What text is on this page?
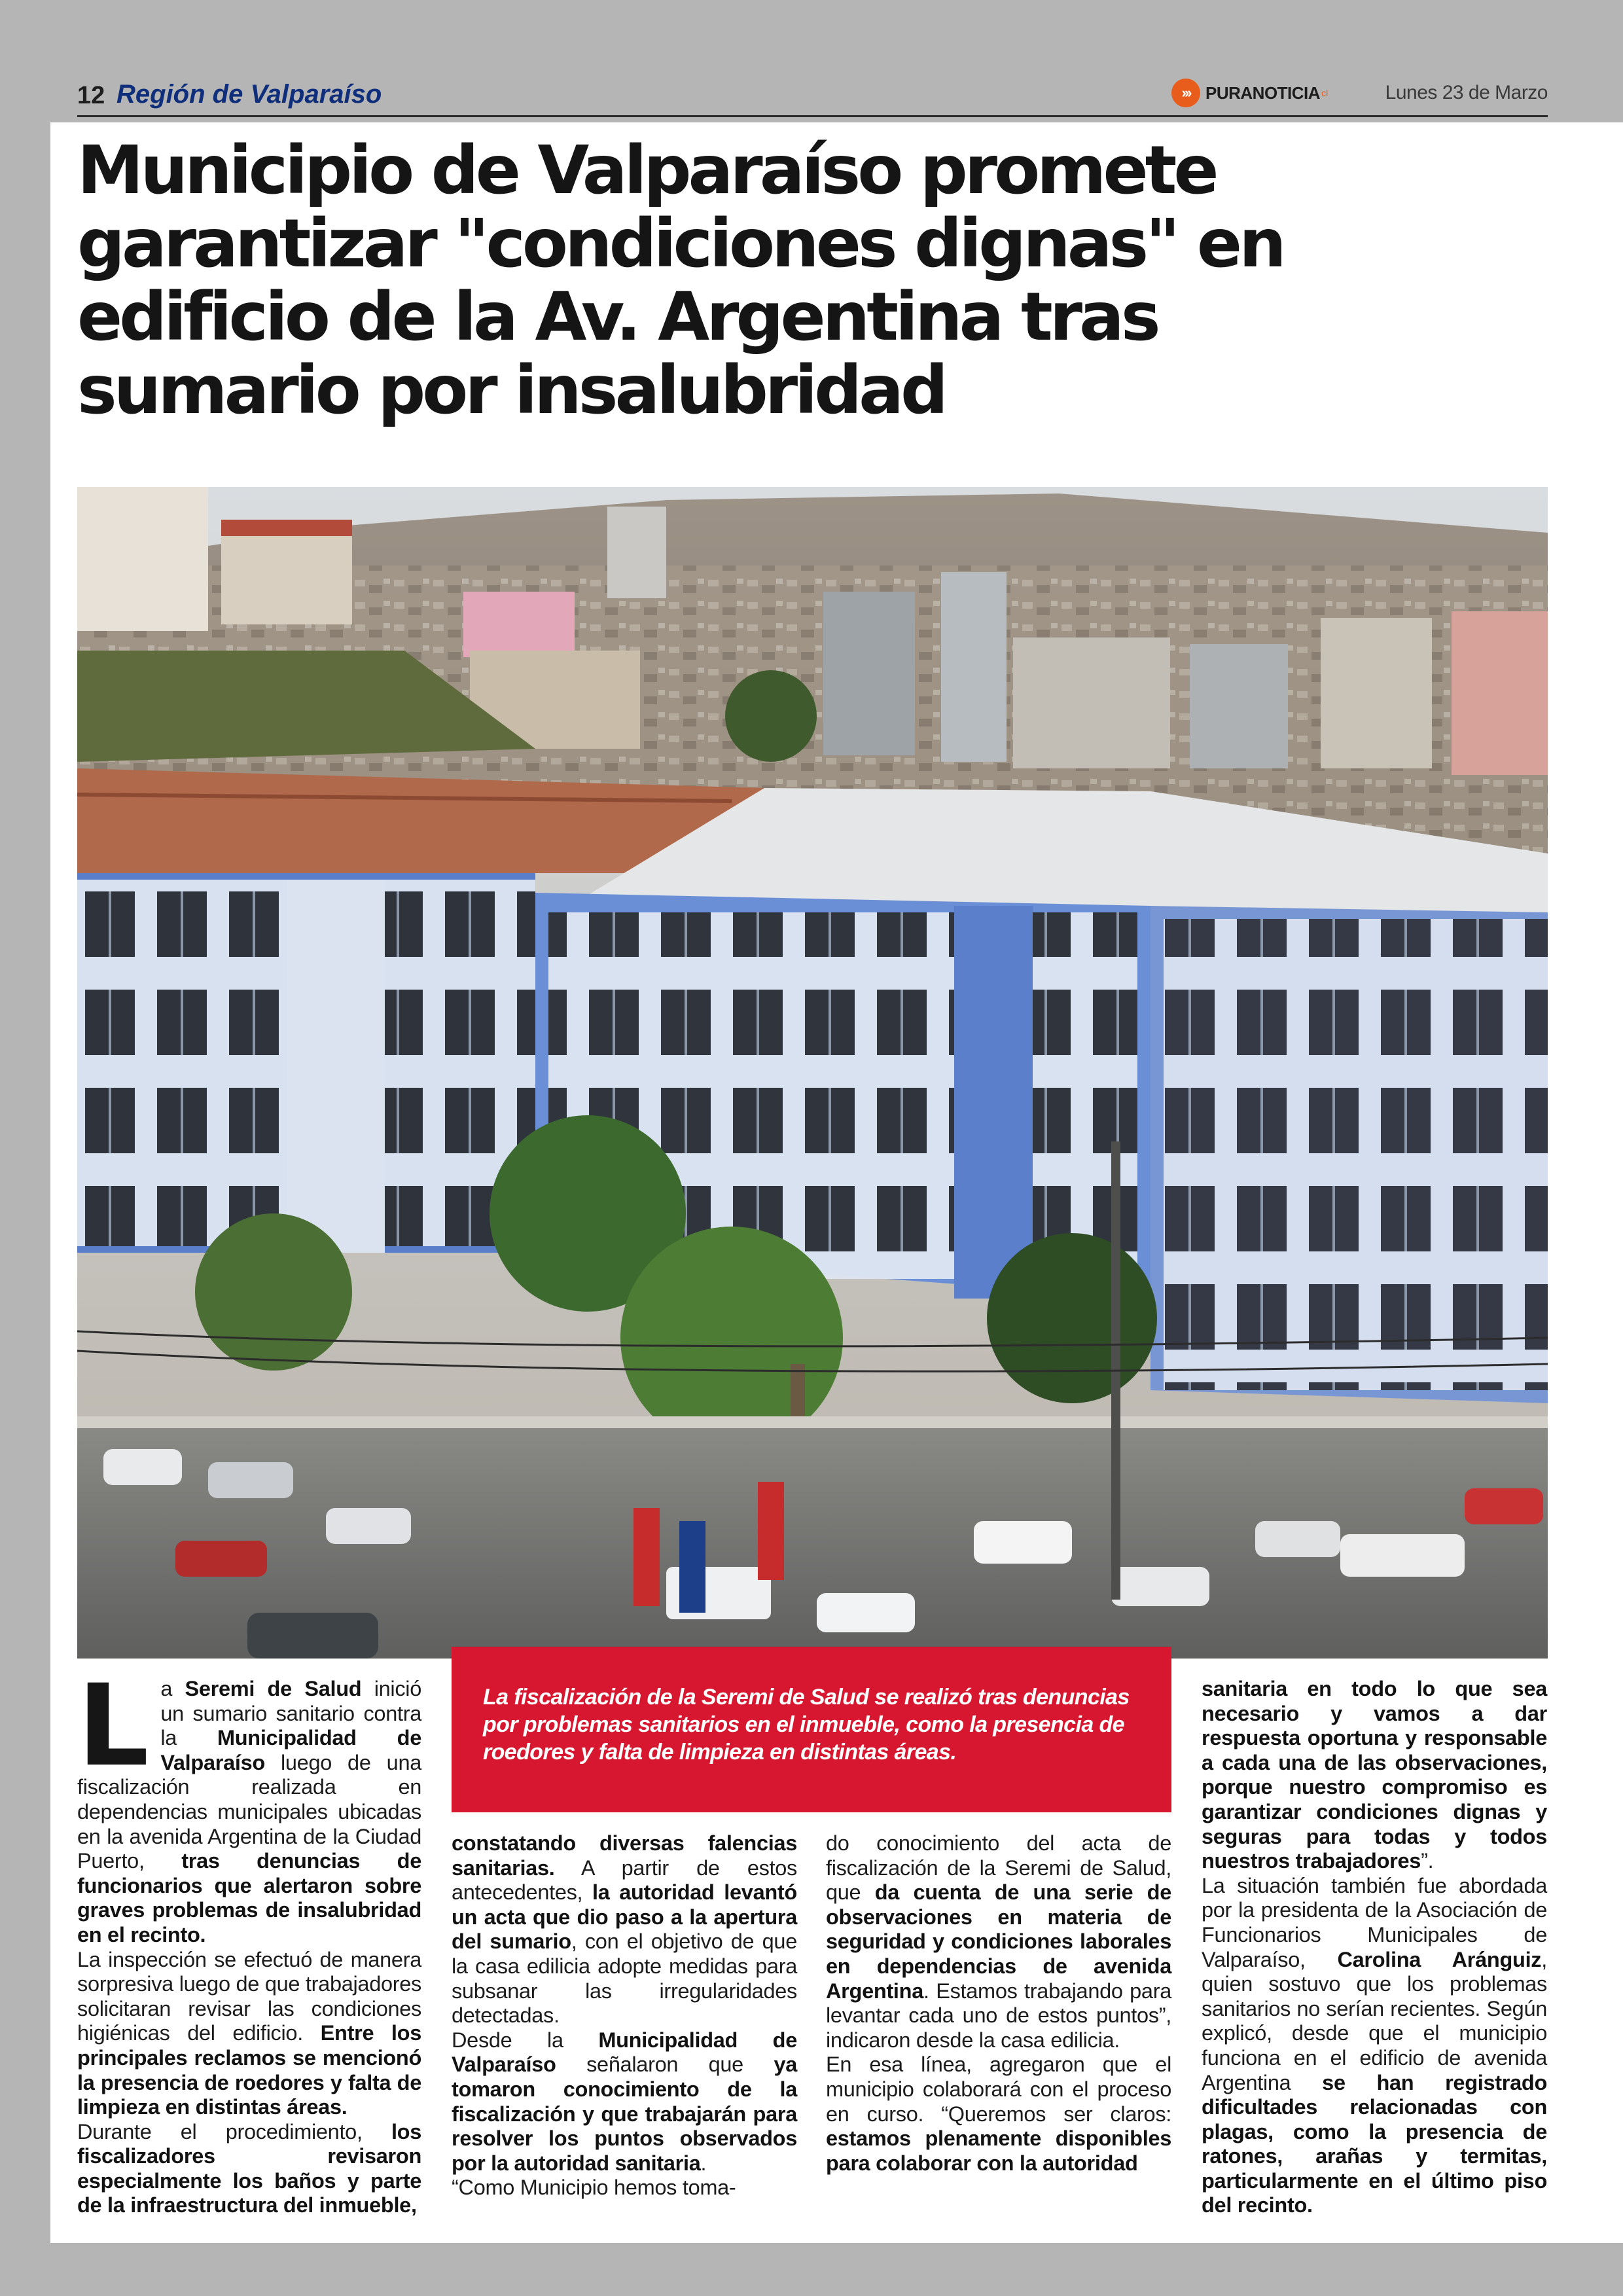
12 Región de Valparaíso	››› PURANOTICIA cl	Lunes 23 de Marzo
Municipio de Valparaíso promete garantizar "condiciones dignas" en edificio de la Av. Argentina tras sumario por insalubridad

La fiscalización de la Seremi de Salud se realizó tras denuncias por problemas sanitarios en el inmueble, como la presencia de roedores y falta de limpieza en distintas áreas.

L a Seremi de Salud inició un sumario sanitario contra la Municipalidad de Valparaíso luego de una fiscalización realizada en dependencias municipales ubicadas en la avenida Argentina de la Ciudad Puerto, tras denuncias de funcionarios que alertaron sobre graves problemas de insalubridad en el recinto.

La inspección se efectuó de manera sorpresiva luego de que trabajadores solicitaran revisar las condiciones higiénicas del edificio. Entre los principales reclamos se mencionó la presencia de roedores y falta de limpieza en distintas áreas.

Durante el procedimiento, los fiscalizadores revisaron especialmente los baños y parte de la infraestructura del inmueble,

constatando diversas falencias sanitarias. A partir de estos antecedentes, la autoridad levantó un acta que dio paso a la apertura del sumario, con el objetivo de que la casa edilicia adopte medidas para subsanar las irregularidades detectadas.

Desde la Municipalidad de Valparaíso señalaron que ya tomaron conocimiento de la fiscalización y que trabajarán para resolver los puntos observados por la autoridad sanitaria.

“Como Municipio hemos toma-

do conocimiento del acta de fiscalización de la Seremi de Salud, que da cuenta de una serie de observaciones en materia de seguridad y condiciones laborales en dependencias de avenida Argentina. Estamos trabajando para levantar cada uno de estos puntos”, indicaron desde la casa edilicia.

En esa línea, agregaron que el municipio colaborará con el proceso en curso. “Queremos ser claros: estamos plenamente disponibles para colaborar con la autoridad

sanitaria en todo lo que sea necesario y vamos a dar respuesta oportuna y responsable a cada una de las observaciones, porque nuestro compromiso es garantizar condiciones dignas y seguras para todas y todos nuestros trabajadores”.

La situación también fue abordada por la presidenta de la Asociación de Funcionarios Municipales de Valparaíso, Carolina Aránguiz, quien sostuvo que los problemas sanitarios no serían recientes. Según explicó, desde que el municipio funciona en el edificio de avenida Argentina se han registrado dificultades relacionadas con plagas, como la presencia de ratones, arañas y termitas, particularmente en el último piso del recinto.
